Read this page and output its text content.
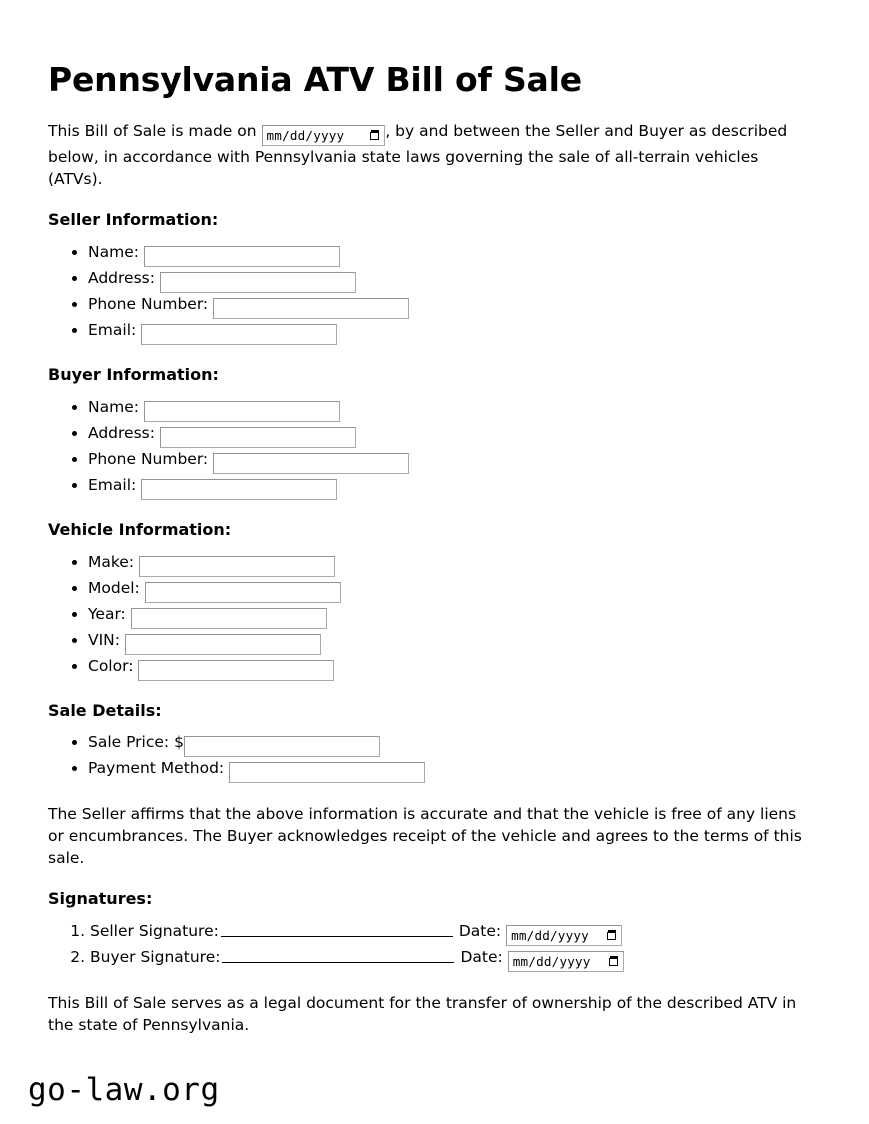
Pennsylvania ATV Bill of Sale

This Bill of Sale is made on mm/dd/yyyy	, by and between the Seller and Buyer as described below, in accordance with Pennsylvania state laws governing the sale of all-terrain vehicles (ATVs).

Seller Information:
• Name:
• Address:
• Phone Number:
• Email:
Buyer Information:
• Name:
• Address:
• Phone Number:
• Email:
Vehicle Information:
• Make:
• Model:
• Year:
• VIN:
• Color:
Sale Details:
• Sale Price: $
• Payment Method:

The Seller affirms that the above information is accurate and that the vehicle is free of any liens or encumbrances. The Buyer acknowledges receipt of the vehicle and agrees to the terms of this sale.

Signatures:
1. Seller Signature:	Date: mm/dd/yyyy
2. Buyer Signature:	Date: mm/dd/yyyy

This Bill of Sale serves as a legal document for the transfer of ownership of the described ATV in the state of Pennsylvania.

go-law.org
